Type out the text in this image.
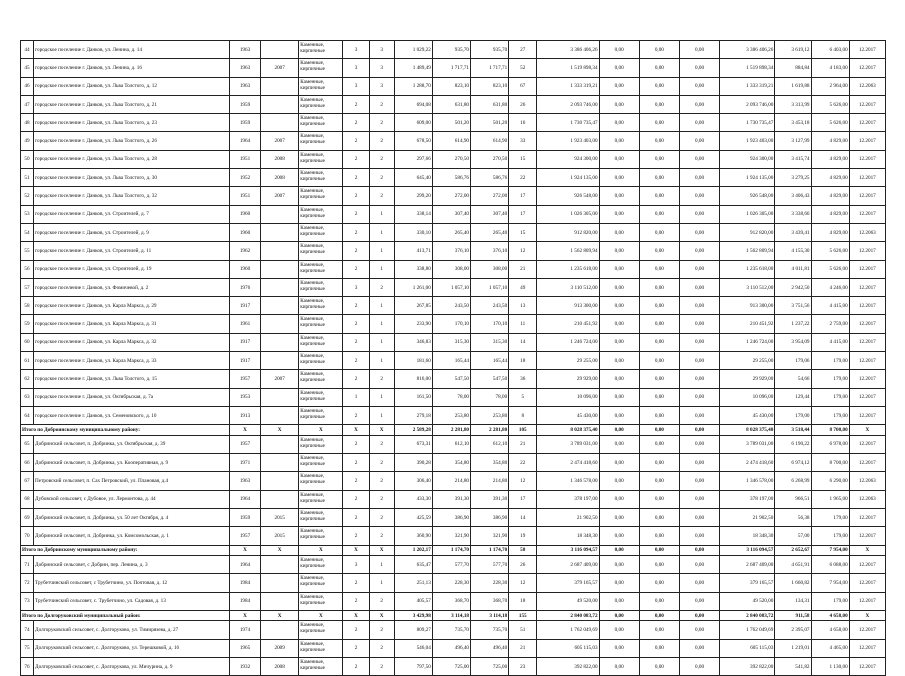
44	городское поселение г. Данков, ул. Ленина, д. 14	1963		Каменные, кирпичные	3	3	1 029,22	935,70	935,70	27	3 386 406,26	0,00	0,00	0,00	3 386 406,26	3 619,12	6 403,00	12.2017
45	городское поселение г. Данков, ул. Ленина, д. 16	1963	2007	Каменные, кирпичные	3	3	1 489,49	1 717,71	1 717,71	52	1 519 898,34	0,00	0,00	0,00	1 519 898,34	884,84	4 183,00	12.2017
46	городское поселение г. Данков, ул. Льва Толстого, д. 12	1963		Каменные, кирпичные	3	3	1 288,70	823,10	823,10	67	1 333 319,21	0,00	0,00	0,00	1 333 319,21	1 619,88	2 964,00	12.2063
47	городское поселение г. Данков, ул. Льва Толстого, д. 21	1959		Каменные, кирпичные	2	2	694,08	631,80	631,80	26	2 093 746,00	0,00	0,00	0,00	2 093 746,00	3 313,99	5 626,00	12.2017
48	городское поселение г. Данков, ул. Льва Толстого, д. 23	1959		Каменные, кирпичные	2	2	609,00	501,20	501,20	16	1 730 735,47	0,00	0,00	0,00	1 730 735,47	3 453,18	5 626,00	12.2017
49	городское поселение г. Данков, ул. Льва Толстого, д. 26	1964	2007	Каменные, кирпичные	2	2	678,50	614,90	614,90	33	1 923 403,00	0,00	0,00	0,00	1 923 403,00	3 127,99	4 829,00	12.2017
50	городское поселение г. Данков, ул. Льва Толстого, д. 28	1951	2008	Каменные, кирпичные	2	2	297,66	270,50	270,50	15	924 300,00	0,00	0,00	0,00	924 300,00	3 415,74	4 829,00	12.2017
51	городское поселение г. Данков, ул. Льва Толстого, д. 30	1952	2008	Каменные, кирпичные	2	2	645,40	586,76	586,76	22	1 924 135,00	0,00	0,00	0,00	1 924 135,00	3 279,25	4 829,00	12.2017
52	городское поселение г. Данков, ул. Льва Толстого, д. 32	1951	2007	Каменные, кирпичные	2	2	299,20	272,00	272,00	17	926 548,00	0,00	0,00	0,00	926 548,00	3 406,43	4 829,00	12.2017
53	городское поселение г. Данков, ул. Строителей, д. 7	1960		Каменные, кирпичные	2	1	338,14	307,40	307,40	17	1 026 305,00	0,00	0,00	0,00	1 026 305,00	3 338,66	4 829,00	12.2017
54	городское поселение г. Данков, ул. Строителей, д. 9	1960		Каменные, кирпичные	2	1	330,10	265,40	265,40	15	912 820,00	0,00	0,00	0,00	912 820,00	3 439,41	4 829,00	12.2063
55	городское поселение г. Данков, ул. Строителей, д. 11	1962		Каменные, кирпичные	2	1	413,71	376,10	376,10	12	1 562 809,94	0,00	0,00	0,00	1 562 809,94	4 155,30	5 626,00	12.2017
56	городское поселение г. Данков, ул. Строителей, д. 19	1960		Каменные, кирпичные	2	1	338,80	308,00	308,00	21	1 235 618,00	0,00	0,00	0,00	1 235 618,00	4 011,81	5 626,00	12.2017
57	городское поселение г. Данков, ул. Фомичевой, д. 2	1976		Каменные, кирпичные	3	2	1 261,00	1 057,10	1 057,10	49	3 110 512,00	0,00	0,00	0,00	3 110 512,00	2 942,50	4 246,00	12.2017
58	городское поселение г. Данков, ул. Карла Маркса, д. 29	1917		Каменные, кирпичные	2	1	267,85	243,50	243,50	13	913 300,00	0,00	0,00	0,00	913 300,00	3 751,56	4 415,00	12.2017
59	городское поселение г. Данков, ул. Карла Маркса, д. 31	1961		Каменные, кирпичные	2	1	233,90	170,10	170,10	11	210 451,92	0,00	0,00	0,00	210 451,92	1 237,22	2 759,00	12.2017
60	городское поселение г. Данков, ул. Карла Маркса, д. 32	1917		Каменные, кирпичные	2	1	346,83	315,30	315,30	14	1 246 724,00	0,00	0,00	0,00	1 246 724,00	3 954,09	4 415,00	12.2017
61	городское поселение г. Данков, ул. Карла Маркса, д. 33	1917		Каменные, кирпичные	2	1	181,60	165,44	165,44	18	29 255,00	0,00	0,00	0,00	29 255,00	179,06	179,00	12.2017
62	городское поселение г. Данков, ул. Льва Толстого, д. 15	1957	2007	Каменные, кирпичные	2	2	816,00	547,50	547,50	36	29 929,00	0,00	0,00	0,00	29 929,00	54,66	179,00	12.2017
63	городское поселение г. Данков, ул. Октябрьская, д. 7а	1953		Каменные, кирпичные	1	1	161,50	78,00	78,00	5	10 096,00	0,00	0,00	0,00	10 096,00	129,44	179,00	12.2017
64	городское поселение г. Данков, ул. Семеновского, д. 10	1913		Каменные, кирпичные	2	1	279,18	253,80	253,80	8	45 430,00	0,00	0,00	0,00	45 430,00	179,00	179,00	12.2017
Итого по Доброинскому муниципальному району:		X	X	X	X	X	2 589,28	2 281,80	2 281,80	105	8 028 375,40	0,00	0,00	0,00	8 028 375,40	3 518,44	8 700,00	X
65	Добринский сельсовет, п. Добринка, ул. Октябрьская, д. 39	1957		Каменные, кирпичные	2	2	673,31	612,10	612,10	21	3 789 031,00	0,00	0,00	0,00	3 789 031,00	6 190,22	6 978,00	12.2017
66	Добринский сельсовет, п. Добринка, ул. Кооперативная, д. 9	1971		Каменные, кирпичные	2	2	390,28	354,80	354,80	22	2 474 418,60	0,00	0,00	0,00	2 474 418,60	6 974,12	8 700,00	12.2017
67	Петровский сельсовет, п. Сах Петровский, ул. Плановая, д.4	1963		Каменные, кирпичные	2	2	306,40	214,80	214,80	12	1 346 578,00	0,00	0,00	0,00	1 346 578,00	6 268,99	6 290,00	12.2063
68	Дубовской сельсовет, с Дубовое, ул. Лермонтова, д. 44	1964		Каменные, кирпичные	2	2	433,30	391,30	391,30	17	378 197,00	0,00	0,00	0,00	378 197,00	966,51	1 965,00	12.2063
69	Добринский сельсовет, п. Добринка, ул. 50 лет Октября, д. 4	1959	2015	Каменные, кирпичные	2	2	425,59	386,90	386,90	14	21 902,50	0,00	0,00	0,00	21 902,50	56,38	179,00	12.2017
70	Добринский сельсовет, п. Добринка, ул. Комсомольская, д. 1	1957	2015	Каменные, кирпичные	2	2	360,90	321,90	321,90	19	18 348,30	0,00	0,00	0,00	18 348,30	57,00	179,00	12.2017
Итого по Добринскому муниципальному району:		X	X	X	X	X	1 202,17	1 174,70	1 174,70	58	3 116 094,57	0,00	0,00	0,00	3 116 094,57	2 652,67	7 954,00	X
71	Добринский сельсовет, с Добрин, пер. Ленина, д. 3	1964		Каменные, кирпичные	3	1	635,47	577,70	577,70	26	2 687 409,00	0,00	0,00	0,00	2 687 409,00	4 651,91	6 088,00	12.2017
72	Трубетчинский сельсовет, с Трубетчино, ул. Почтовая, д. 12	1984		Каменные, кирпичные	2	1	251,13	228,30	228,30	12	379 165,57	0,00	0,00	0,00	379 165,57	1 660,82	7 954,00	12.2017
73	Трубетчинский сельсовет, с. Трубетчино, ул. Садовая, д. 13	1984		Каменные, кирпичные	2	2	405,57	368,70	368,70	18	49 520,00	0,00	0,00	0,00	49 520,00	134,31	179,00	12.2017
Итого по Долгоруковский муниципальный район:		X	X	X	X	X	3 429,98	3 114,18	3 114,18	155	2 840 083,72	0,00	0,00	0,00	2 840 083,72	911,58	4 658,00	X
74	Долгоруковский сельсовет, с. Долгоруково, ул. Тимирязева, д. 27	1974		Каменные, кирпичные	2	2	809,27	735,70	735,70	51	1 762 049,69	0,00	0,00	0,00	1 762 049,69	2 395,07	4 658,00	12.2017
75	Долгоруковский сельсовет, с. Долгоруково, ул. Терешковой, д. 16	1965	2009	Каменные, кирпичные	2	2	546,04	496,40	496,40	21	605 115,03	0,00	0,00	0,00	605 115,03	1 219,01	4 465,00	12.2017
76	Долгоруковский сельсовет, с. Долгорукова, ул. Мичурина, д. 9	1932	2008	Каменные, кирпичные	2	2	797,50	725,00	725,00	23	392 822,00	0,00	0,00	0,00	392 822,00	541,82	1 130,00	12.2017
